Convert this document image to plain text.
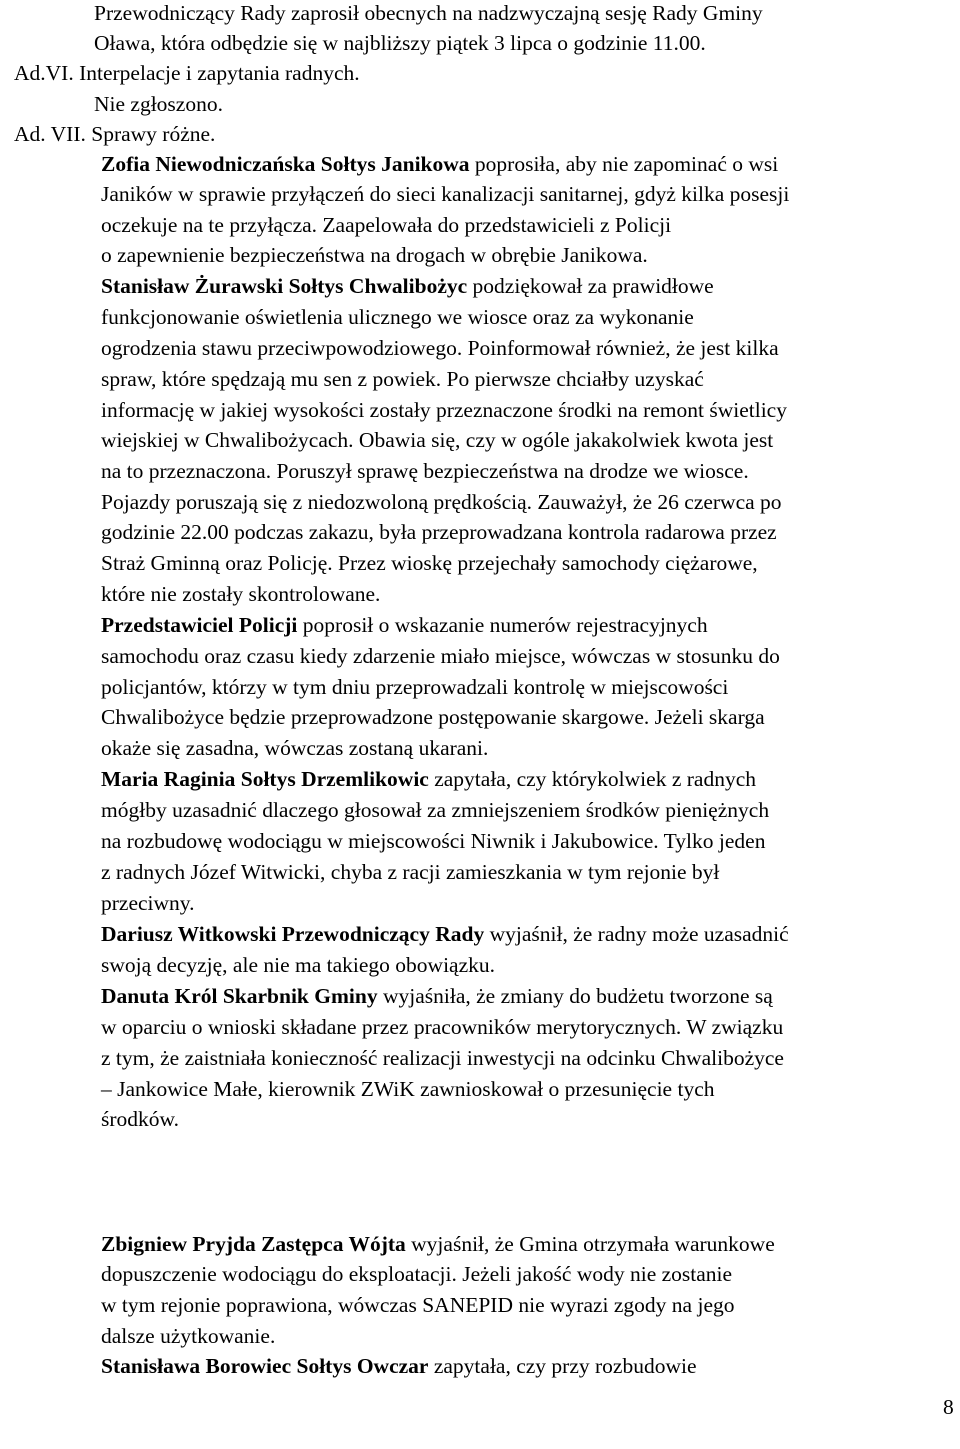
Przewodniczący Rady zaprosił obecnych na nadzwyczajną sesję Rady Gminy
Oława, która odbędzie się w najbliższy piątek 3 lipca o godzinie 11.00.
Ad.VI. Interpelacje i zapytania radnych.
Nie zgłoszono.
Ad. VII. Sprawy różne.
Zofia Niewodniczańska Sołtys Janikowa poprosiła, aby nie zapominać o wsi
Janików w sprawie przyłączeń do sieci kanalizacji sanitarnej, gdyż kilka posesji
oczekuje na te przyłącza. Zaapelowała do przedstawicieli z Policji
o zapewnienie bezpieczeństwa na drogach w obrębie Janikowa.
Stanisław Żurawski Sołtys Chwalibożyc podziękował za prawidłowe
funkcjonowanie oświetlenia ulicznego we wiosce oraz za wykonanie
ogrodzenia stawu przeciwpowodziowego. Poinformował również, że jest kilka
spraw, które spędzają mu sen z powiek. Po pierwsze chciałby uzyskać
informację w jakiej wysokości zostały przeznaczone środki na remont świetlicy
wiejskiej w Chwalibożycach. Obawia się, czy w ogóle jakakolwiek kwota jest
na to przeznaczona. Poruszył sprawę bezpieczeństwa na drodze we wiosce.
Pojazdy poruszają się z niedozwoloną prędkością. Zauważył, że 26 czerwca po
godzinie 22.00 podczas zakazu, była przeprowadzana kontrola radarowa przez
Straż Gminną oraz Policję. Przez wioskę przejechały samochody ciężarowe,
które nie zostały skontrolowane.
Przedstawiciel Policji poprosił o wskazanie numerów rejestracyjnych
samochodu oraz czasu kiedy zdarzenie miało miejsce, wówczas w stosunku do
policjantów, którzy w tym dniu przeprowadzali kontrolę w miejscowości
Chwalibożyce będzie przeprowadzone postępowanie skargowe. Jeżeli skarga
okaże się zasadna, wówczas zostaną ukarani.
Maria Raginia Sołtys Drzemlikowic zapytała, czy którykolwiek z radnych
mógłby uzasadnić dlaczego głosował za zmniejszeniem środków pieniężnych
na rozbudowę wodociągu w miejscowości Niwnik i Jakubowice. Tylko jeden
z radnych Józef Witwicki, chyba z racji zamieszkania w tym rejonie był
przeciwny.
Dariusz Witkowski Przewodniczący Rady wyjaśnił, że radny może uzasadnić
swoją decyzję, ale nie ma takiego obowiązku.
Danuta Król Skarbnik Gminy wyjaśniła, że zmiany do budżetu tworzone są
w oparciu o wnioski składane przez pracowników merytorycznych. W związku
z tym, że zaistniała konieczność realizacji inwestycji na odcinku Chwalibożyce
– Jankowice Małe, kierownik ZWiK zawnioskował o przesunięcie tych
środków.
Zbigniew Pryjda Zastępca Wójta wyjaśnił, że Gmina otrzymała warunkowe
dopuszczenie wodociągu do eksploatacji. Jeżeli jakość wody nie zostanie
w tym rejonie poprawiona, wówczas SANEPID nie wyrazi zgody na jego
dalsze użytkowanie.
Stanisława Borowiec Sołtys Owczar zapytała, czy przy rozbudowie
8
